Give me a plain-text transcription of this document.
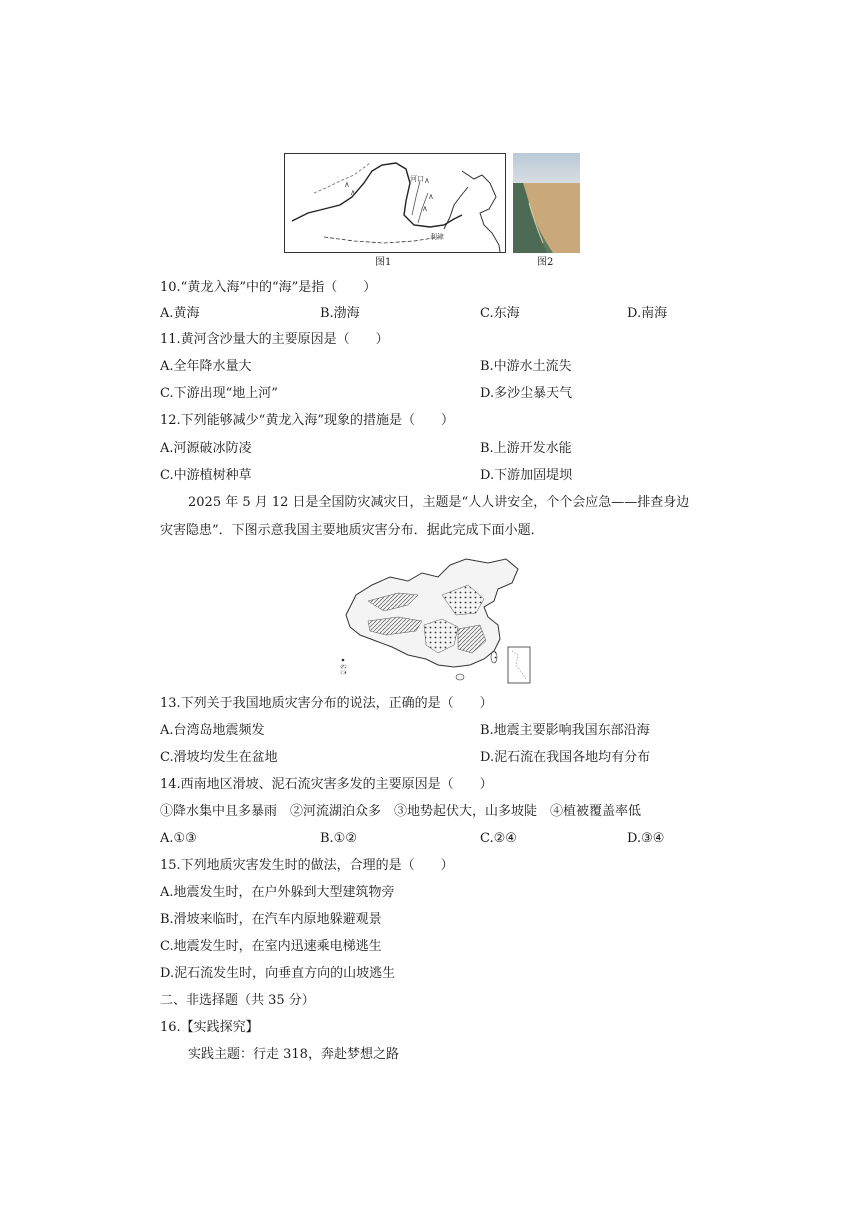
∧
∧
∧
∧
∧
河口
利津
图1	图2
10.“黄龙入海”中的“海”是指（　　）
A.黄海	B.渤海	C.东海	D.南海
11.黄河含沙量大的主要原因是（　　）
A.全年降水量大	B.中游水土流失
C.下游出现“地上河”	D.多沙尘暴天气
12.下列能够减少“黄龙入海”现象的措施是（　　）
A.河源破冰防凌	B.上游开发水能
C.中游植树种草	D.下游加固堤坝
2025 年 5 月 12 日是全国防灾减灾日，主题是“人人讲安全，个个会应急——排查身边
灾害隐患”．下图示意我国主要地质灾害分布．据此完成下面小题．
13.下列关于我国地质灾害分布的说法，正确的是（　　）
A.台湾岛地震频发	B.地震主要影响我国东部沿海
C.滑坡均发生在盆地	D.泥石流在我国各地均有分布
14.西南地区滑坡、泥石流灾害多发的主要原因是（　　）
①降水集中且多暴雨　②河流湖泊众多　③地势起伏大，山多坡陡　④植被覆盖率低
A.①③	B.①②	C.②④	D.③④
15.下列地质灾害发生时的做法，合理的是（　　）
A.地震发生时，在户外躲到大型建筑物旁
B.滑坡来临时，在汽车内原地躲避观景
C.地震发生时，在室内迅速乘电梯逃生
D.泥石流发生时，向垂直方向的山坡逃生
二、非选择题（共 35 分）
16.【实践探究】
实践主题：行走 318，奔赴梦想之路
